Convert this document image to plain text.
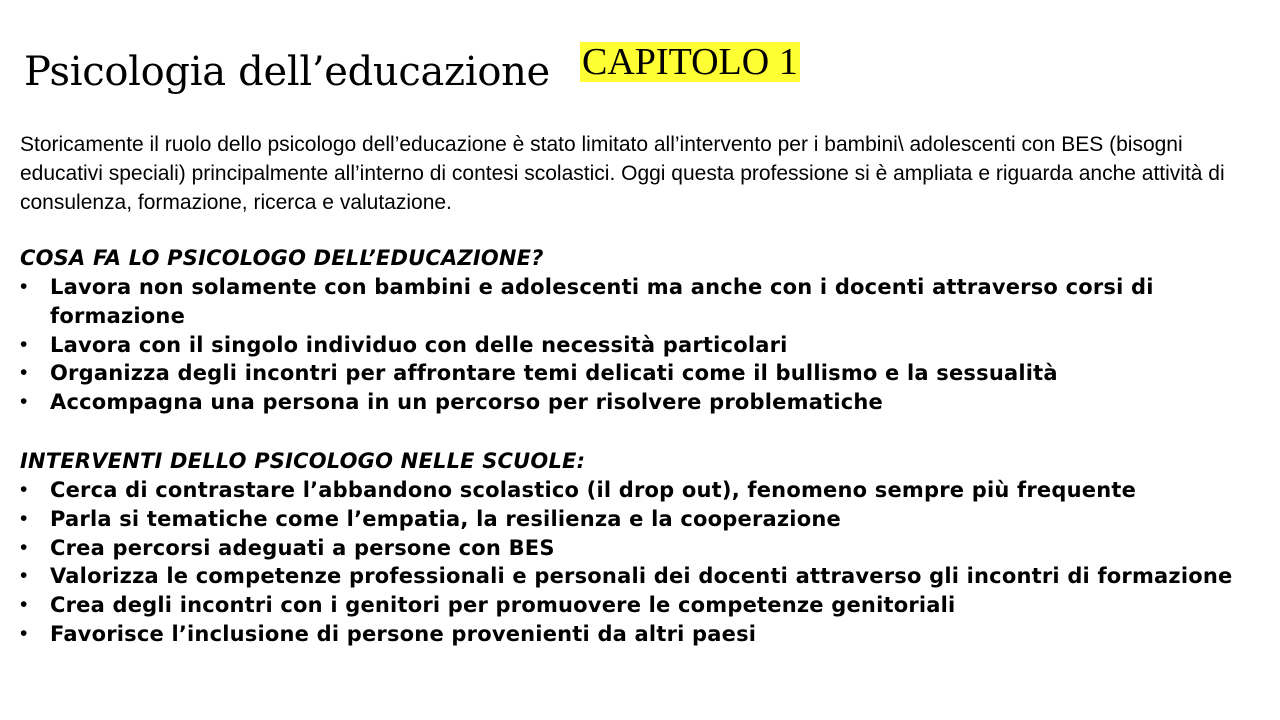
Psicologia dell’educazione CAPITOLO 1

Storicamente il ruolo dello psicologo dell’educazione è stato limitato all’intervento per i bambini\ adolescenti con BES (bisogni educativi speciali) principalmente all’interno di contesi scolastici. Oggi questa professione si è ampliata e riguarda anche attività di consulenza, formazione, ricerca e valutazione.

COSA FA LO PSICOLOGO DELL’EDUCAZIONE?

•	Lavora non solamente con bambini e adolescenti ma anche con i docenti attraverso corsi di formazione
•	Lavora con il singolo individuo con delle necessità particolari
•	Organizza degli incontri per affrontare temi delicati come il bullismo e la sessualità
•	Accompagna una persona in un percorso per risolvere problematiche

INTERVENTI DELLO PSICOLOGO NELLE SCUOLE:

•	Cerca di contrastare l’abbandono scolastico (il drop out), fenomeno sempre più frequente
•	Parla si tematiche come l’empatia, la resilienza e la cooperazione
•	Crea percorsi adeguati a persone con BES
•	Valorizza le competenze professionali e personali dei docenti attraverso gli incontri di formazione
•	Crea degli incontri con i genitori per promuovere le competenze genitoriali
•	Favorisce l’inclusione di persone provenienti da altri paesi
